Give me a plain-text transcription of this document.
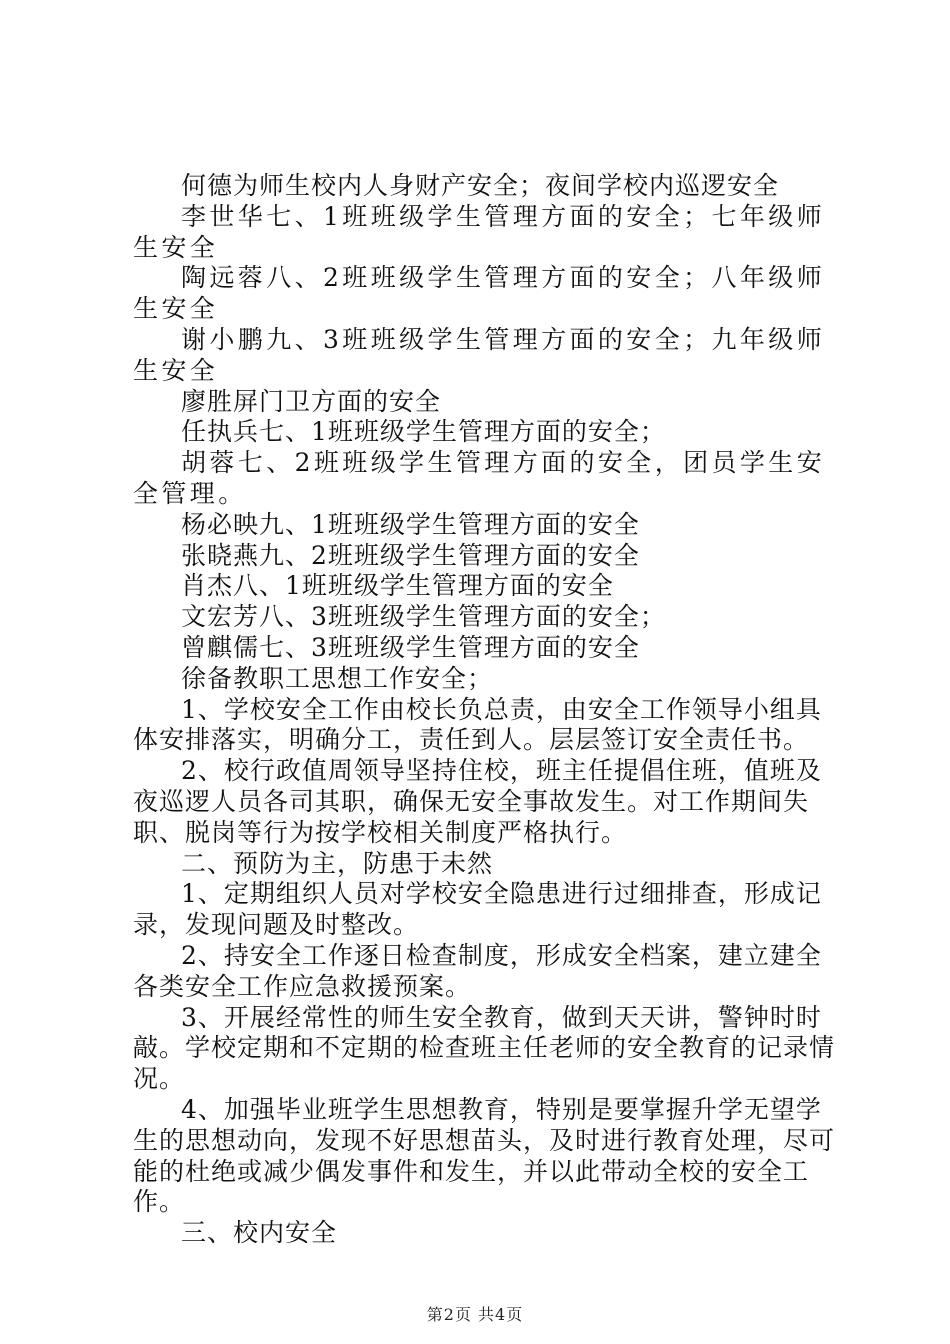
何德为师生校内人身财产安全；夜间学校内巡逻安全

李世华七、1班班级学生管理方面的安全；七年级师生安全

陶远蓉八、2班班级学生管理方面的安全；八年级师生安全

谢小鹏九、3班班级学生管理方面的安全；九年级师生安全

廖胜屏门卫方面的安全

任执兵七、1班班级学生管理方面的安全；

胡蓉七、2班班级学生管理方面的安全，团员学生安全管理。

杨必映九、1班班级学生管理方面的安全

张晓燕九、2班班级学生管理方面的安全

肖杰八、1班班级学生管理方面的安全

文宏芳八、3班班级学生管理方面的安全；

曾麒儒七、3班班级学生管理方面的安全

徐备教职工思想工作安全；

1、学校安全工作由校长负总责，由安全工作领导小组具体安排落实，明确分工，责任到人。层层签订安全责任书。

2、校行政值周领导坚持住校，班主任提倡住班，值班及夜巡逻人员各司其职，确保无安全事故发生。对工作期间失职、脱岗等行为按学校相关制度严格执行。

二、预防为主，防患于未然

1、定期组织人员对学校安全隐患进行过细排查，形成记录，发现问题及时整改。

2、持安全工作逐日检查制度，形成安全档案，建立建全各类安全工作应急救援预案。

3、开展经常性的师生安全教育，做到天天讲，警钟时时敲。学校定期和不定期的检查班主任老师的安全教育的记录情况。

4、加强毕业班学生思想教育，特别是要掌握升学无望学生的思想动向，发现不好思想苗头，及时进行教育处理，尽可能的杜绝或减少偶发事件和发生，并以此带动全校的安全工作。

三、校内安全

第2页 共4页
